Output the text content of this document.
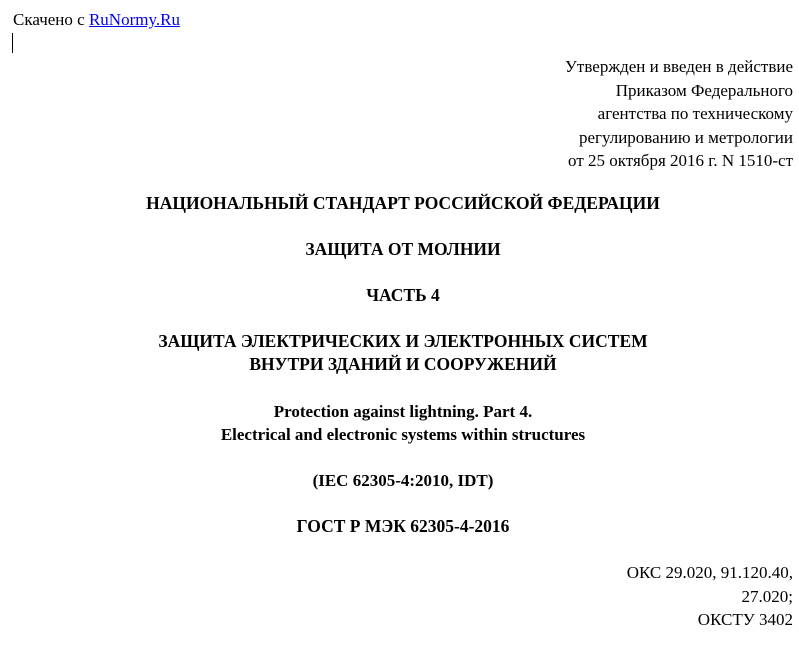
Скачено с RuNormy.Ru
Утвержден и введен в действие
Приказом Федерального
агентства по техническому
регулированию и метрологии
от 25 октября 2016 г. N 1510-ст
НАЦИОНАЛЬНЫЙ СТАНДАРТ РОССИЙСКОЙ ФЕДЕРАЦИИ
ЗАЩИТА ОТ МОЛНИИ
ЧАСТЬ 4
ЗАЩИТА ЭЛЕКТРИЧЕСКИХ И ЭЛЕКТРОННЫХ СИСТЕМ
ВНУТРИ ЗДАНИЙ И СООРУЖЕНИЙ
Protection against lightning. Part 4.
Electrical and electronic systems within structures
(IEC 62305-4:2010, IDT)
ГОСТ Р МЭК 62305-4-2016
ОКС 29.020, 91.120.40,
27.020;
ОКСТУ 3402
